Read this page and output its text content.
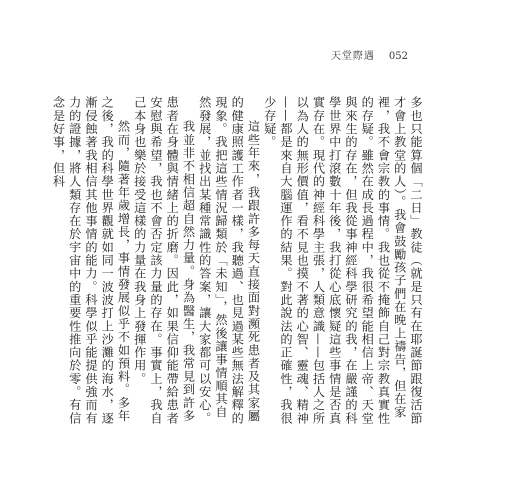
天堂際遇 052

多也只能算個「二日」教徒（就是只有在耶誕節跟復活節才會上教堂的人）。我會鼓勵孩子們在晚上禱告，但在家裡，我不會宗教的事情。我也從不掩飾自己對宗教真實性的存疑。雖然在成長過程中，我很希望能相信上帝、天堂與來生的存在，但我從事神經科學研究的我，在嚴謹的科學世界中打滾數十年後，我打從心底懷疑這些事情是否真實存在。現代的神經科學主張，人類意識——包括人之所以為人的無形價值，看不見也摸不著的心智、靈魂、精神——都是來自大腦運作的結果。對此說法的正確性，我很少存疑。

這些年來，我跟許多每天直接面對瀕死患者及其家屬的健康照護工作者一樣，我聽過、也見過某些無法解釋的現象。我把這些情況歸類於「未知」，然後讓事情順其自然發展，並找出某種常識性的答案，讓大家都可以安心。

我並非不相信超自然力量。身為醫生，我常見到許多患者在身體與情緒上的折磨。因此，如果信仰能帶給患者安慰與希望，我也不會否定該力量的存在。事實上，我自己本身也樂於接受這樣的力量在我身上發揮作用。

然而，隨著年歲增長，事情發展似乎不如預料。多年之後，我的科學世界觀就如同一波波打上沙灘的海水，逐漸侵蝕著我相信其他事情的能力。科學似乎能提供強而有力的證據，將人類存在於宇宙中的重要性推向於零。有信念是好事，但科
